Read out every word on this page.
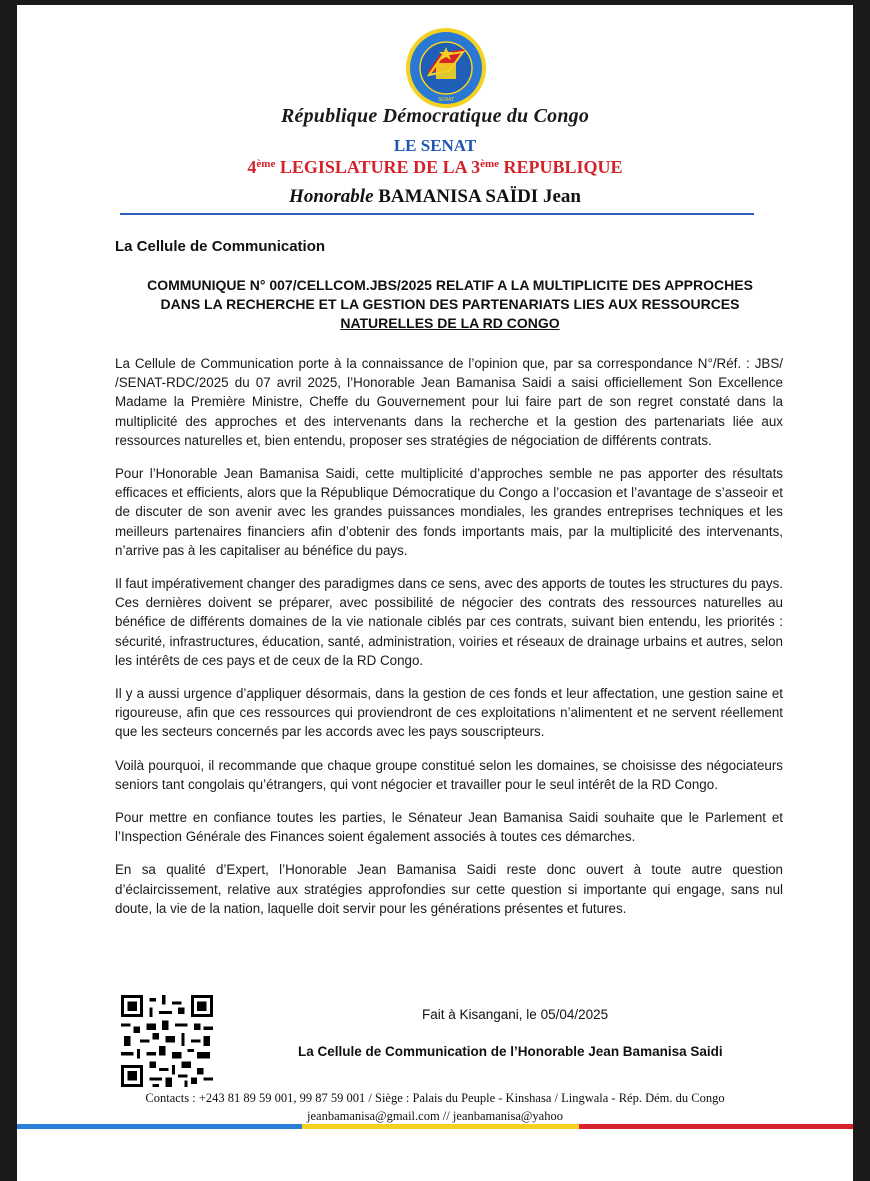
SENAT
République Démocratique du Congo
LE SENAT
4ème LEGISLATURE DE LA 3ème REPUBLIQUE
Honorable BAMANISA SAÏDI Jean
La Cellule de Communication
COMMUNIQUE N° 007/CELLCOM.JBS/2025 RELATIF A LA MULTIPLICITE DES APPROCHES
DANS LA RECHERCHE ET LA GESTION DES PARTENARIATS LIES AUX RESSOURCES
NATURELLES DE LA RD CONGO

La Cellule de Communication porte à la connaissance de l’opinion que, par sa correspondance N°/Réf. : JBS/ /SENAT-RDC/2025 du 07 avril 2025, l’Honorable Jean Bamanisa Saidi a saisi officiellement Son Excellence Madame la Première Ministre, Cheffe du Gouvernement pour lui faire part de son regret constaté dans la multiplicité des approches et des intervenants dans la recherche et la gestion des partenariats liée aux ressources naturelles et, bien entendu, proposer ses stratégies de négociation de différents contrats.

Pour l’Honorable Jean Bamanisa Saidi, cette multiplicité d’approches semble ne pas apporter des résultats efficaces et efficients, alors que la République Démocratique du Congo a l’occasion et l’avantage de s’asseoir et de discuter de son avenir avec les grandes puissances mondiales, les grandes entreprises techniques et les meilleurs partenaires financiers afin d’obtenir des fonds importants mais, par la multiplicité des intervenants, n’arrive pas à les capitaliser au bénéfice du pays.

Il faut impérativement changer des paradigmes dans ce sens, avec des apports de toutes les structures du pays. Ces dernières doivent se préparer, avec possibilité de négocier des contrats des ressources naturelles au bénéfice de différents domaines de la vie nationale ciblés par ces contrats, suivant bien entendu, les priorités : sécurité, infrastructures, éducation, santé, administration, voiries et réseaux de drainage urbains et autres, selon les intérêts de ces pays et de ceux de la RD Congo.

Il y a aussi urgence d’appliquer désormais, dans la gestion de ces fonds et leur affectation, une gestion saine et rigoureuse, afin que ces ressources qui proviendront de ces exploitations n’alimentent et ne servent réellement que les secteurs concernés par les accords avec les pays souscripteurs.

Voilà pourquoi, il recommande que chaque groupe constitué selon les domaines, se choisisse des négociateurs seniors tant congolais qu’étrangers, qui vont négocier et travailler pour le seul intérêt de la RD Congo.

Pour mettre en confiance toutes les parties, le Sénateur Jean Bamanisa Saidi souhaite que le Parlement et l’Inspection Générale des Finances soient également associés à toutes ces démarches.

En sa qualité d’Expert, l’Honorable Jean Bamanisa Saidi reste donc ouvert à toute autre question d’éclaircissement, relative aux stratégies approfondies sur cette question si importante qui engage, sans nul doute, la vie de la nation, laquelle doit servir pour les générations présentes et futures.

Fait à Kisangani, le 05/04/2025
La Cellule de Communication de l’Honorable Jean Bamanisa Saidi
Contacts : +243 81 89 59 001, 99 87 59 001 / Siège : Palais du Peuple - Kinshasa / Lingwala - Rép. Dém. du Congo
jeanbamanisa@gmail.com // jeanbamanisa@yahoo
